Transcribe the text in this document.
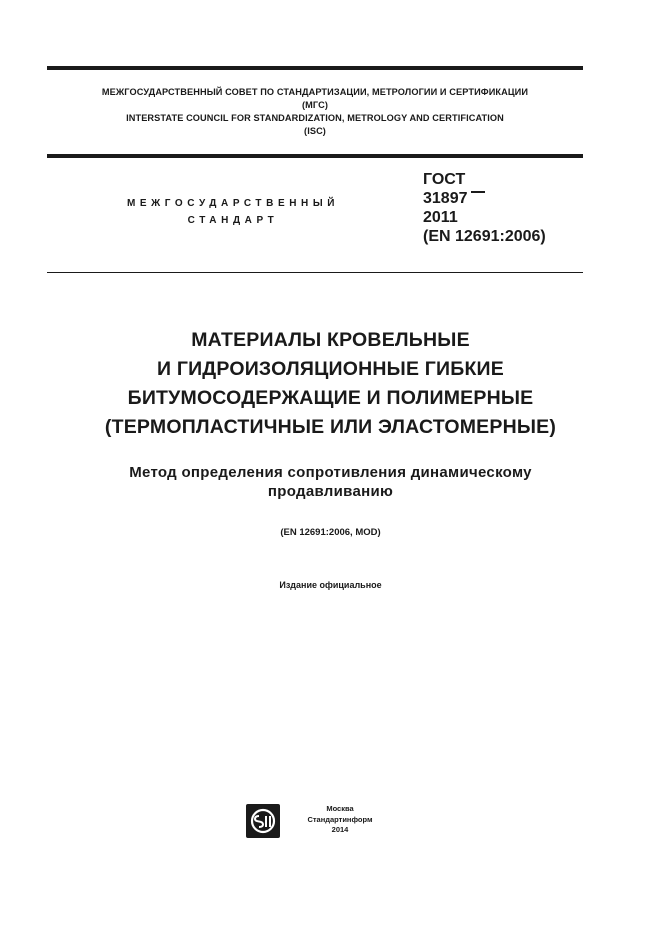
МЕЖГОСУДАРСТВЕННЫЙ СОВЕТ ПО СТАНДАРТИЗАЦИИ, МЕТРОЛОГИИ И СЕРТИФИКАЦИИ
(МГС)
INTERSTATE COUNCIL FOR STANDARDIZATION, METROLOGY AND CERTIFICATION
(ISC)
МЕЖГОСУДАРСТВЕННЫЙ
СТАНДАРТ
ГОСТ
31897
2011
(EN 12691:2006)
МАТЕРИАЛЫ КРОВЕЛЬНЫЕ
И ГИДРОИЗОЛЯЦИОННЫЕ ГИБКИЕ
БИТУМОСОДЕРЖАЩИЕ И ПОЛИМЕРНЫЕ
(ТЕРМОПЛАСТИЧНЫЕ ИЛИ ЭЛАСТОМЕРНЫЕ)
Метод определения сопротивления динамическому
продавливанию
(EN 12691:2006, MOD)
Издание официальное
Москва
Стандартинформ
2014
